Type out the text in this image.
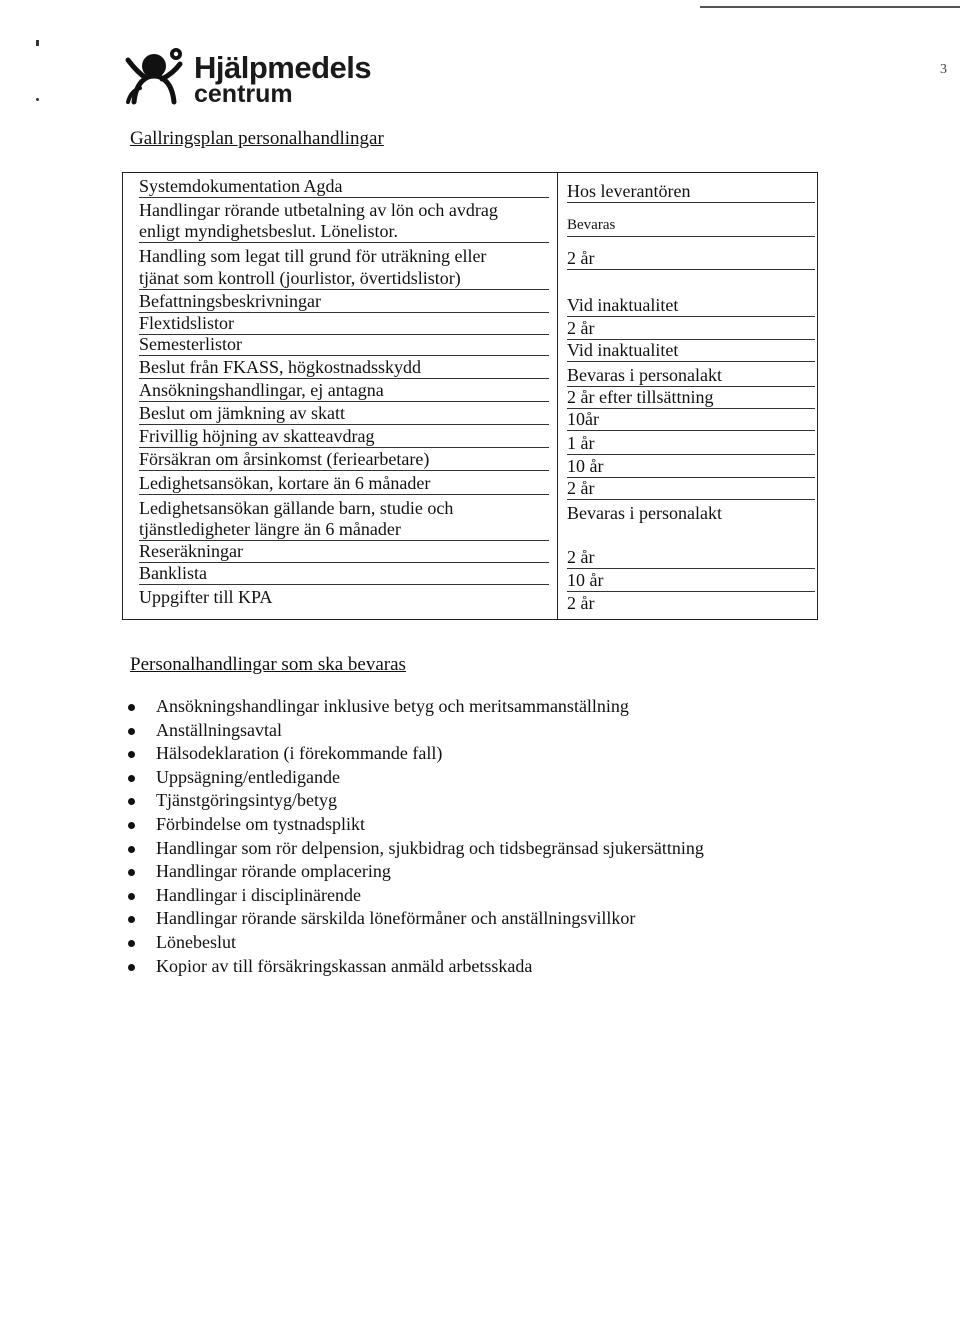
3
Hjälpmedels
centrum
Gallringsplan personalhandlingar
Systemdokumentation Agda
Handlingar rörande utbetalning av lön och avdrag
enligt myndighetsbeslut. Lönelistor.
Handling som legat till grund för uträkning eller
tjänat som kontroll (jourlistor, övertidslistor)
Befattningsbeskrivningar
Flextidslistor
Semesterlistor
Beslut från FKASS, högkostnadsskydd
Ansökningshandlingar, ej antagna
Beslut om jämkning av skatt
Frivillig höjning av skatteavdrag
Försäkran om årsinkomst (feriearbetare)
Ledighetsansökan, kortare än 6 månader
Ledighetsansökan gällande barn, studie och
tjänstledigheter längre än 6 månader
Reseräkningar
Banklista
Uppgifter till KPA
Hos leverantören
Bevaras
2 år
Vid inaktualitet
2 år
Vid inaktualitet
Bevaras i personalakt
2 år efter tillsättning
10år
1 år
10 år
2 år
Bevaras i personalakt
2 år
10 år
2 år
Personalhandlingar som ska bevaras
Ansökningshandlingar inklusive betyg och meritsammanställning
Anställningsavtal
Hälsodeklaration (i förekommande fall)
Uppsägning/entledigande
Tjänstgöringsintyg/betyg
Förbindelse om tystnadsplikt
Handlingar som rör delpension, sjukbidrag och tidsbegränsad sjukersättning
Handlingar rörande omplacering
Handlingar i disciplinärende
Handlingar rörande särskilda löneförmåner och anställningsvillkor
Lönebeslut
Kopior av till försäkringskassan anmäld arbetsskada
